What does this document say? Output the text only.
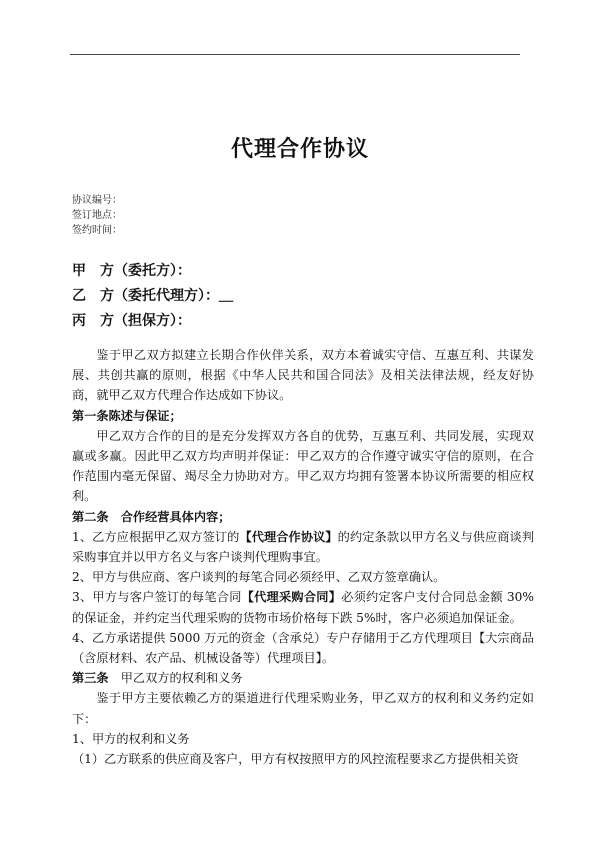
代理合作协议
协议编号：
签订地点：
签约时间：
甲　方（委托方）：
乙　方（委托代理方）：＿
丙　方（担保方）：

鉴于甲乙双方拟建立长期合作伙伴关系，双方本着诚实守信、互惠互利、共谋发展、共创共赢的原则，根据《中华人民共和国合同法》及相关法律法规，经友好协商，就甲乙双方代理合作达成如下协议。

第一条陈述与保证；

甲乙双方合作的目的是充分发挥双方各自的优势，互惠互利、共同发展，实现双赢或多赢。因此甲乙双方均声明并保证：甲乙双方的合作遵守诚实守信的原则，在合作范围内毫无保留、竭尽全力协助对方。甲乙双方均拥有签署本协议所需要的相应权利。

第二条　合作经营具体内容；

1、乙方应根据甲乙双方签订的【代理合作协议】的约定条款以甲方名义与供应商谈判采购事宜并以甲方名义与客户谈判代理购事宜。

2、甲方与供应商、客户谈判的每笔合同必须经甲、乙双方签章确认。

3、甲方与客户签订的每笔合同【代理采购合同】必须约定客户支付合同总金额 30%的保证金，并约定当代理采购的货物市场价格每下跌 5%时，客户必须追加保证金。

4、乙方承诺提供 5000 万元的资金（含承兑）专户存储用于乙方代理项目【大宗商品（含原材料、农产品、机械设备等）代理项目】。

第三条　甲乙双方的权利和义务

鉴于甲方主要依赖乙方的渠道进行代理采购业务，甲乙双方的权利和义务约定如下：

1、甲方的权利和义务

（1）乙方联系的供应商及客户，甲方有权按照甲方的风控流程要求乙方提供相关资
